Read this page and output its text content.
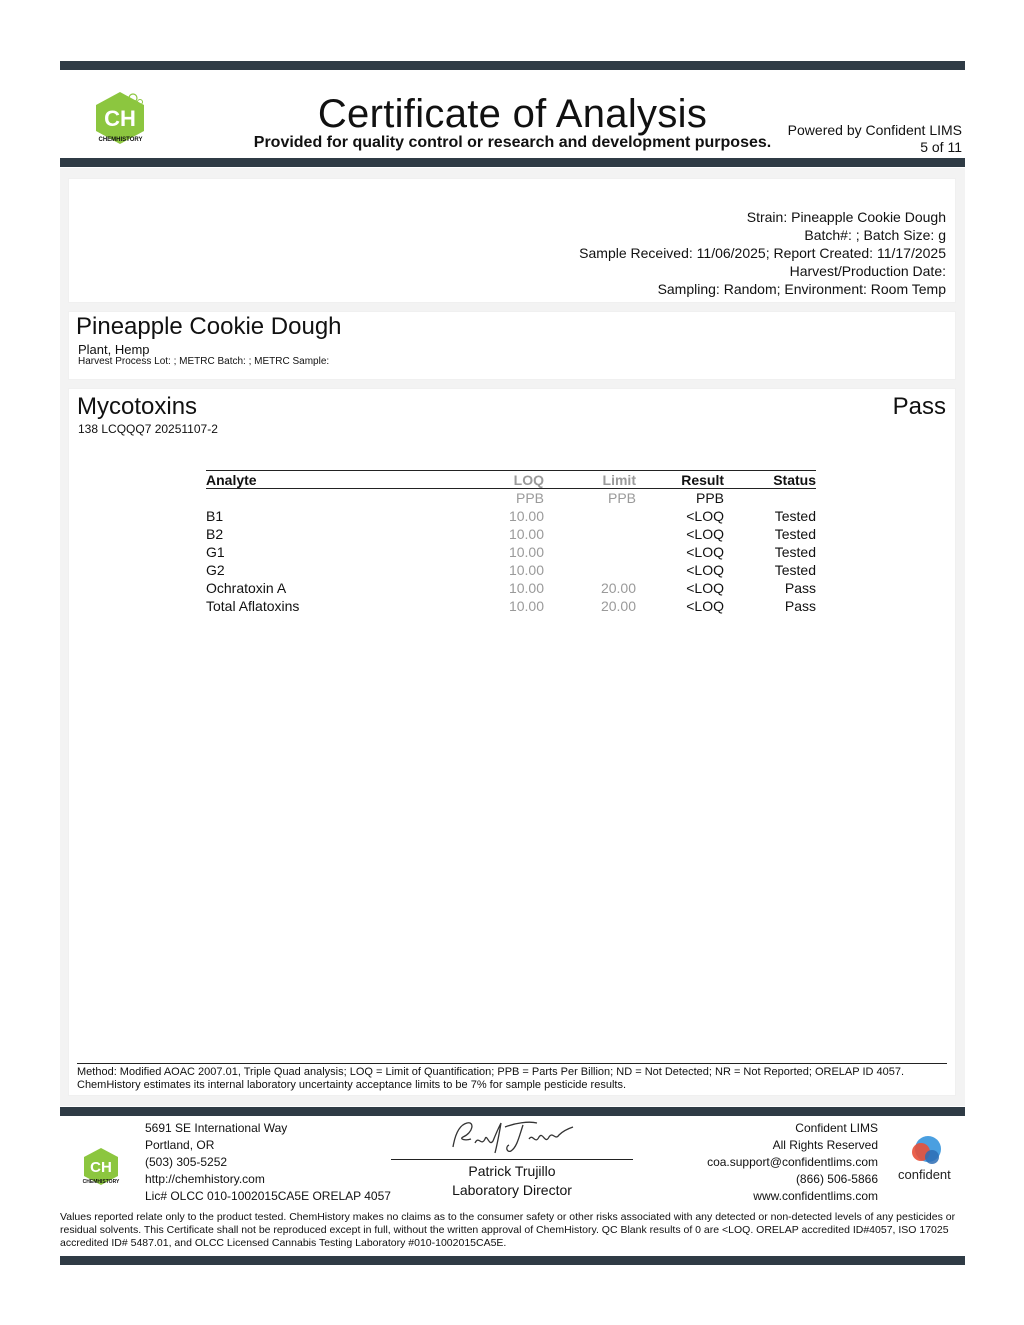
CH
CHEMHISTORY
Certificate of Analysis
Provided for quality control or research and development purposes.
Powered by Confident LIMS
5 of 11
Strain: Pineapple Cookie Dough
Batch#: ; Batch Size: g
Sample Received: 11/06/2025; Report Created: 11/17/2025
Harvest/Production Date:
Sampling: Random; Environment: Room Temp
Pineapple Cookie Dough
Plant, Hemp
Harvest Process Lot: ; METRC Batch: ; METRC Sample:
Mycotoxins
138 LCQQQ7 20251107-2
Pass
Analyte	LOQ	Limit	Result	Status
	PPB	PPB	PPB	
B1	10.00		<LOQ	Tested
B2	10.00		<LOQ	Tested
G1	10.00		<LOQ	Tested
G2	10.00		<LOQ	Tested
Ochratoxin A	10.00	20.00	<LOQ	Pass
Total Aflatoxins	10.00	20.00	<LOQ	Pass
Method: Modified AOAC 2007.01, Triple Quad analysis; LOQ = Limit of Quantification; PPB = Parts Per Billion; ND = Not Detected; NR = Not Reported; ORELAP ID 4057. ChemHistory estimates its internal laboratory uncertainty acceptance limits to be 7% for sample pesticide results.
CH
CHEMHISTORY
5691 SE International Way
Portland, OR
(503) 305-5252
http://chemhistory.com
Lic# OLCC 010-1002015CA5E ORELAP 4057
Patrick Trujillo
Laboratory Director
Confident LIMS
All Rights Reserved
coa.support@confidentlims.com
(866) 506-5866
www.confidentlims.com
confident
Values reported relate only to the product tested. ChemHistory makes no claims as to the consumer safety or other risks associated with any detected or non-detected levels of any pesticides or residual solvents. This Certificate shall not be reproduced except in full, without the written approval of ChemHistory. QC Blank results of 0 are <LOQ. ORELAP accredited ID#4057, ISO 17025 accredited ID# 5487.01, and OLCC Licensed Cannabis Testing Laboratory #010-1002015CA5E.
